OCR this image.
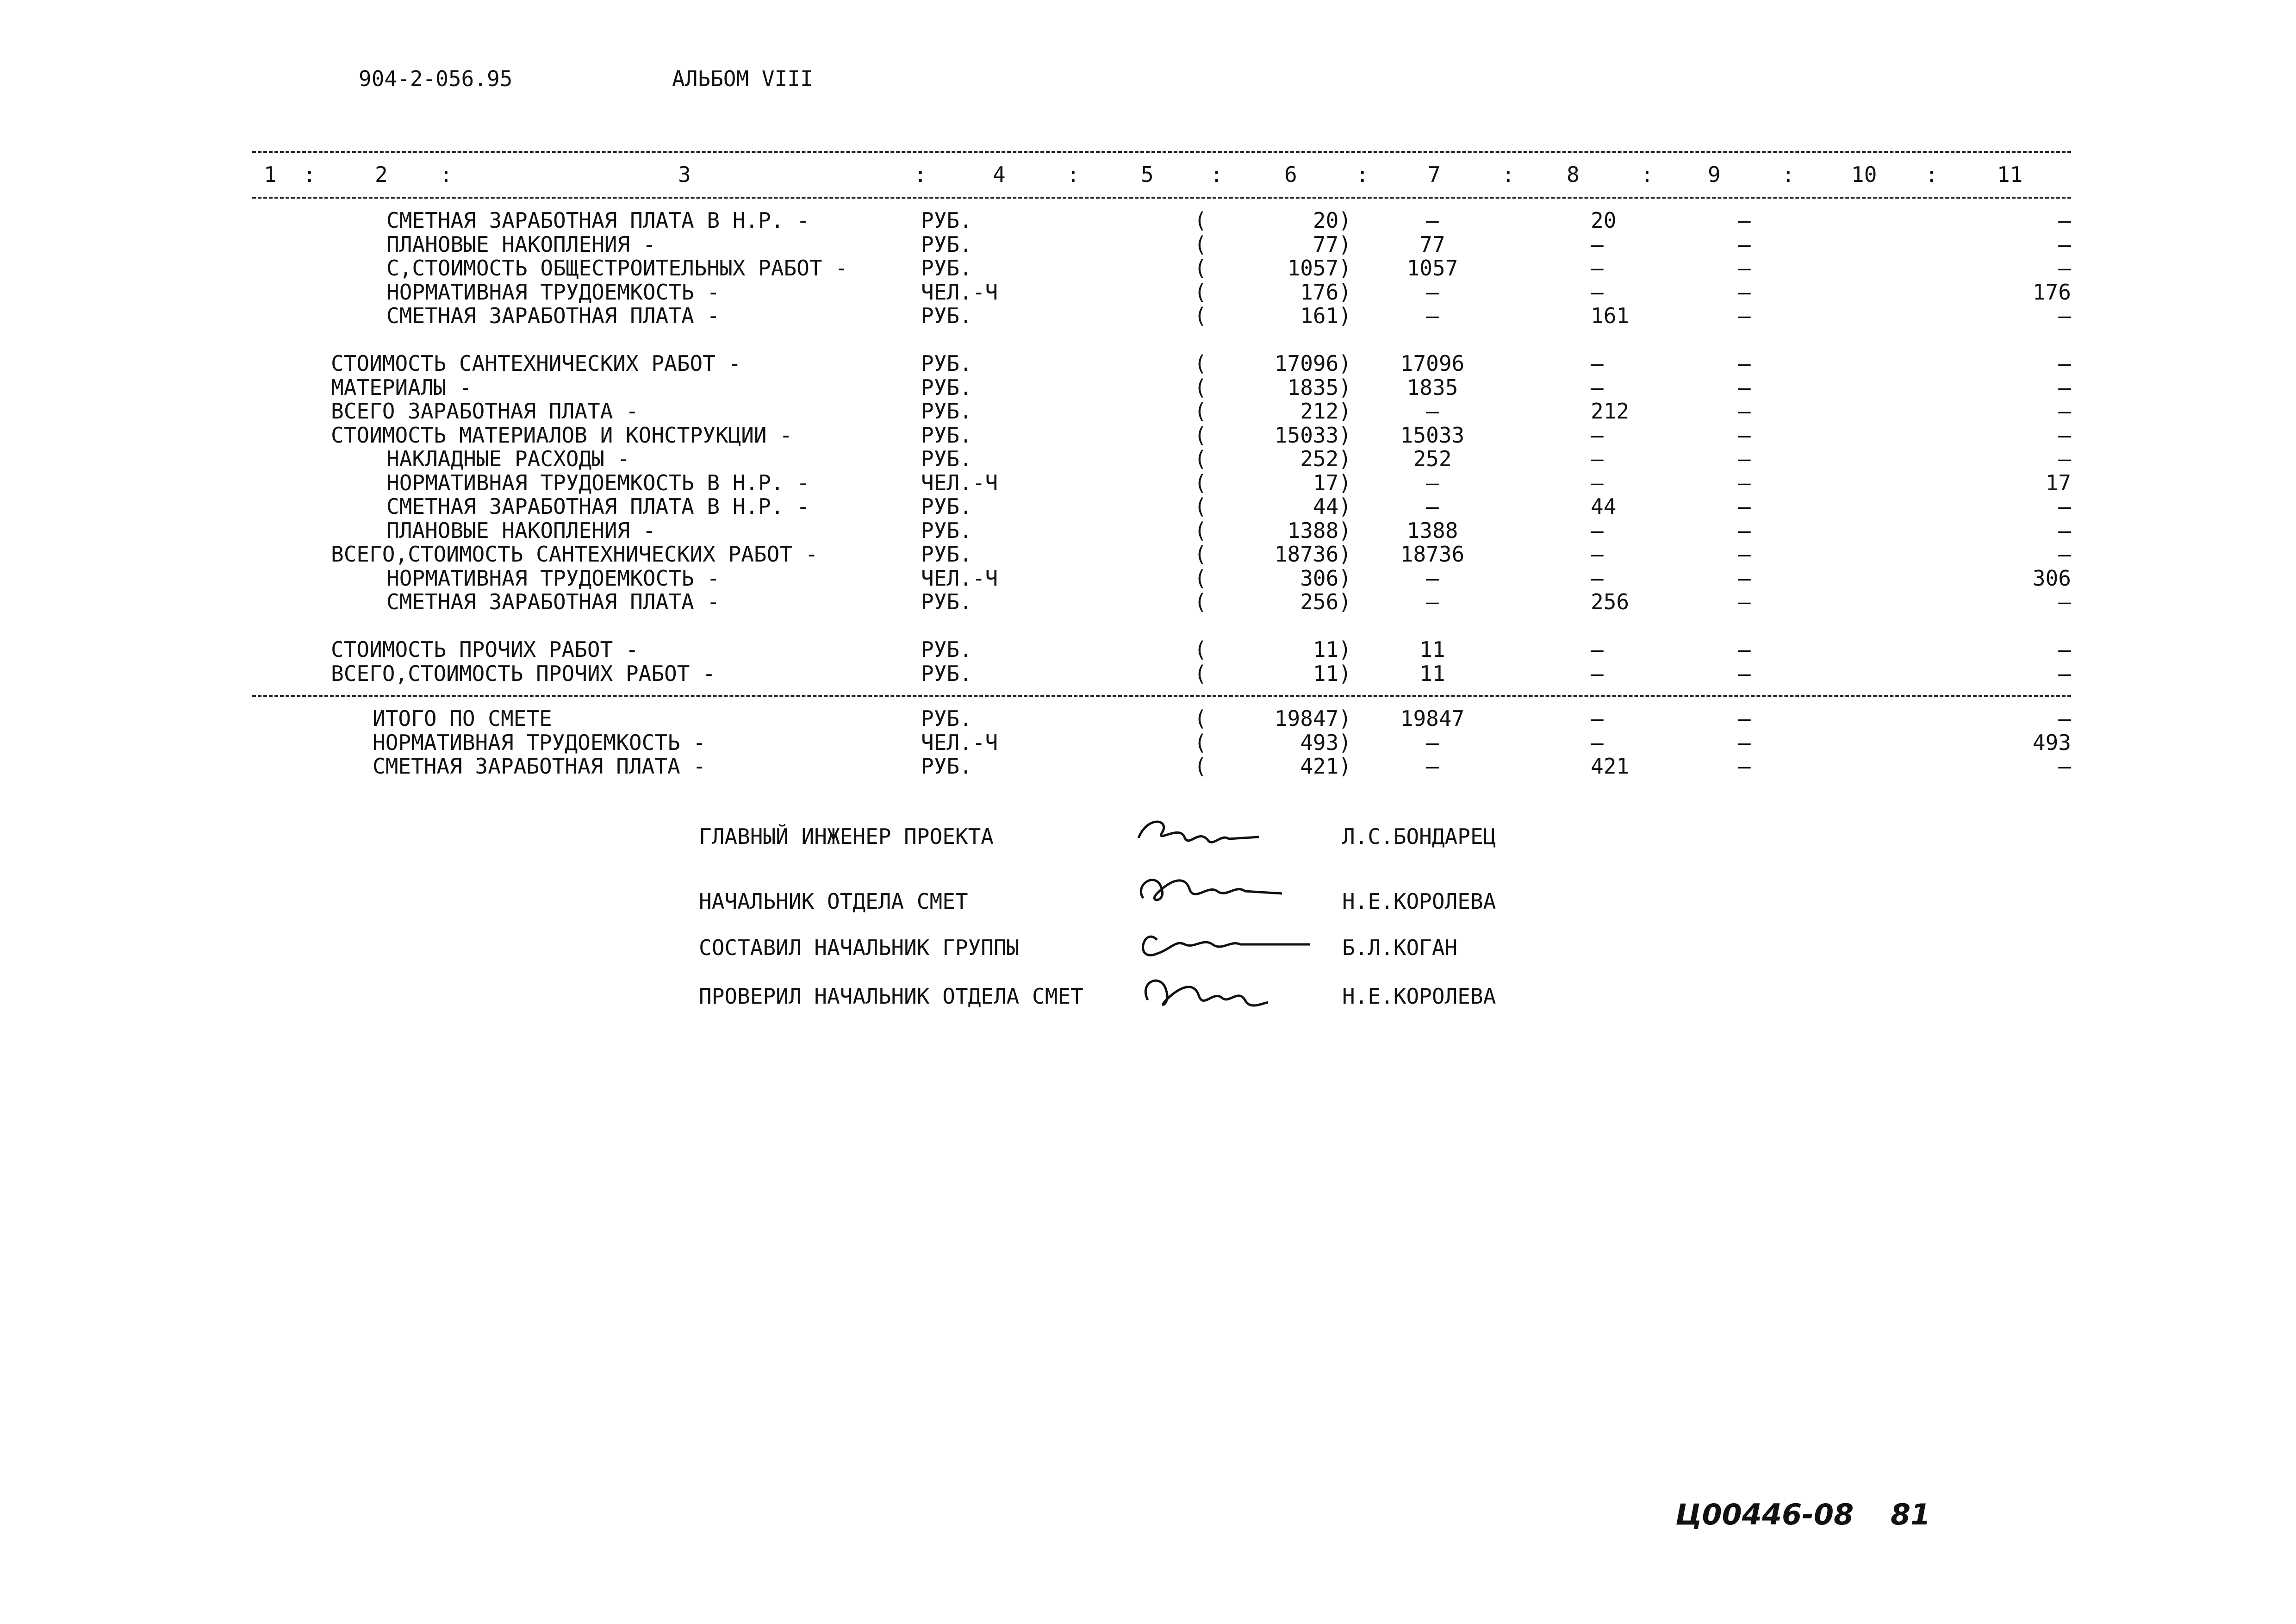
904-2-056.95	АЛЬБОМ VIII
1	2	3	4	5	6	7	8	9	10	11
:	:	:	:	:	:	:	:	:	:
СМЕТНАЯ ЗАРАБОТНАЯ ПЛАТА В Н.Р. -	РУБ.	(	20)	–	20	–	–
ПЛАНОВЫЕ НАКОПЛЕНИЯ -	РУБ.	(	77)	77	–	–	–
С,СТОИМОСТЬ ОБЩЕСТРОИТЕЛЬНЫХ РАБОТ -	РУБ.	(	1057)	1057	–	–	–
НОРМАТИВНАЯ ТРУДОЕМКОСТЬ -	ЧЕЛ.-Ч	(	176)	–	–	–	176
СМЕТНАЯ ЗАРАБОТНАЯ ПЛАТА -	РУБ.	(	161)	–	161	–	–
СТОИМОСТЬ САНТЕХНИЧЕСКИХ РАБОТ -	РУБ.	(	17096) 17096	–	–	–
МАТЕРИАЛЫ -	РУБ.	(	1835)	1835	–	–	–
ВСЕГО ЗАРАБОТНАЯ ПЛАТА -	РУБ.	(	212)	–	212	–	–
СТОИМОСТЬ МАТЕРИАЛОВ И КОНСТРУКЦИИ -	РУБ.	(	15033) 15033	–	–	–
НАКЛАДНЫЕ РАСХОДЫ -	РУБ.	(	252)	252	–	–	–
НОРМАТИВНАЯ ТРУДОЕМКОСТЬ В Н.Р. -	ЧЕЛ.-Ч	(	17)	–	–	–	17
СМЕТНАЯ ЗАРАБОТНАЯ ПЛАТА В Н.Р. -	РУБ.	(	44)	–	44	–	–
ПЛАНОВЫЕ НАКОПЛЕНИЯ -	РУБ.	(	1388)	1388	–	–	–
ВСЕГО,СТОИМОСТЬ САНТЕХНИЧЕСКИХ РАБОТ -	РУБ.	(	18736) 18736	–	–	–
НОРМАТИВНАЯ ТРУДОЕМКОСТЬ -	ЧЕЛ.-Ч	(	306)	–	–	–	306
СМЕТНАЯ ЗАРАБОТНАЯ ПЛАТА -	РУБ.	(	256)	–	256	–	–
СТОИМОСТЬ ПРОЧИХ РАБОТ -	РУБ.	(	11)	11	–	–	–
ВСЕГО,СТОИМОСТЬ ПРОЧИХ РАБОТ -	РУБ.	(	11)	11	–	–	–
ИТОГО ПО СМЕТЕ	РУБ.	(	19847) 19847	–	–	–
НОРМАТИВНАЯ ТРУДОЕМКОСТЬ -	ЧЕЛ.-Ч	(	493)	–	–	–	493
СМЕТНАЯ ЗАРАБОТНАЯ ПЛАТА -	РУБ.	(	421)	–	421	–	–
ГЛАВНЫЙ ИНЖЕНЕР ПРОЕКТА	Л.С.БОНДАРЕЦ
НАЧАЛЬНИК ОТДЕЛА СМЕТ	Н.Е.КОРОЛЕВА
СОСТАВИЛ НАЧАЛЬНИК ГРУППЫ	Б.Л.КОГАН
ПРОВЕРИЛ НАЧАЛЬНИК ОТДЕЛА СМЕТ	Н.Е.КОРОЛЕВА
Ц00446-08 81
